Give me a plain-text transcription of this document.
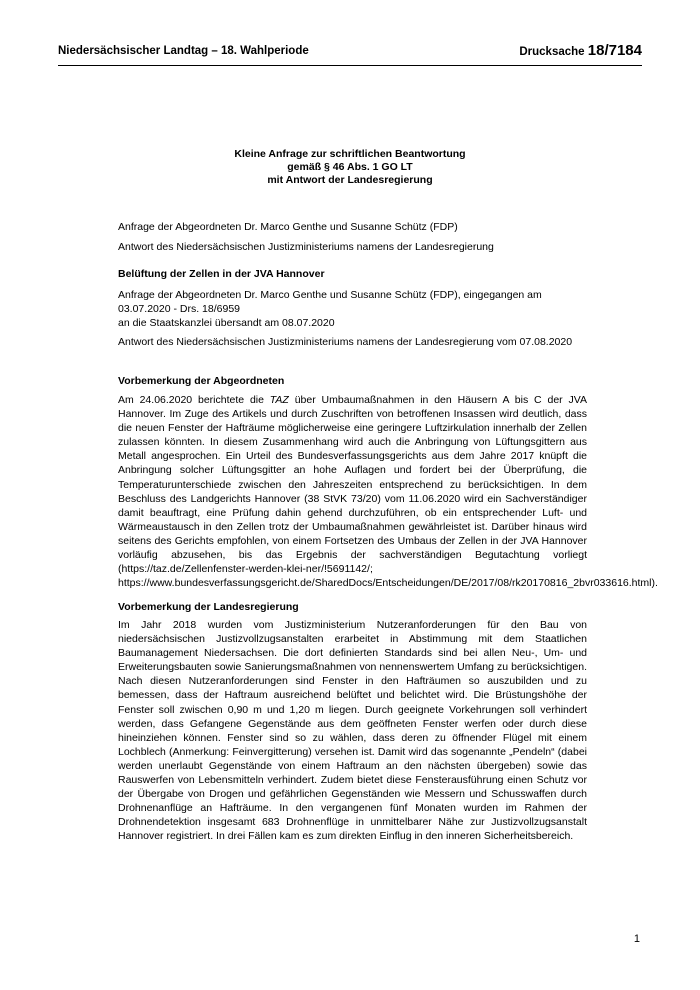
Niedersächsischer Landtag – 18. Wahlperiode	Drucksache 18/7184
Kleine Anfrage zur schriftlichen Beantwortung
gemäß § 46 Abs. 1 GO LT
mit Antwort der Landesregierung

Anfrage der Abgeordneten Dr. Marco Genthe und Susanne Schütz (FDP)

Antwort des Niedersächsischen Justizministeriums namens der Landesregierung

Belüftung der Zellen in der JVA Hannover

Anfrage der Abgeordneten Dr. Marco Genthe und Susanne Schütz (FDP), eingegangen am

03.07.2020 - Drs. 18/6959

an die Staatskanzlei übersandt am 08.07.2020

Antwort des Niedersächsischen Justizministeriums namens der Landesregierung vom 07.08.2020

Vorbemerkung der Abgeordneten

Am 24.06.2020 berichtete die TAZ über Umbaumaßnahmen in den Häusern A bis C der JVA Hannover. Im Zuge des Artikels und durch Zuschriften von betroffenen Insassen wird deutlich, dass die neuen Fenster der Hafträume möglicherweise eine geringere Luftzirkulation innerhalb der Zellen zulassen könnten. In diesem Zusammenhang wird auch die Anbringung von Lüftungsgittern aus Metall angesprochen. Ein Urteil des Bundesverfassungsgerichts aus dem Jahre 2017 knüpft die Anbringung solcher Lüftungsgitter an hohe Auflagen und fordert bei der Überprüfung, die Temperaturunterschiede zwischen den Jahreszeiten entsprechend zu berücksichtigen. In dem Beschluss des Landgerichts Hannover (38 StVK 73/20) vom 11.06.2020 wird ein Sachverständiger damit beauftragt, eine Prüfung dahin gehend durchzuführen, ob ein entsprechender Luft- und Wärmeaustausch in den Zellen trotz der Umbaumaßnahmen gewährleistet ist. Darüber hinaus wird seitens des Gerichts empfohlen, von einem Fortsetzen des Umbaus der Zellen in der JVA Hannover vorläufig abzusehen, bis das Ergebnis der sachverständigen Begutachtung vorliegt (https://taz.de/Zellenfenster-werden-klei-ner/!5691142/; https://www.bundesverfassungsgericht.de/SharedDocs/Entscheidungen/DE/2017/08/rk20170816_2bvr033616.html).

Vorbemerkung der Landesregierung

Im Jahr 2018 wurden vom Justizministerium Nutzeranforderungen für den Bau von niedersächsischen Justizvollzugsanstalten erarbeitet in Abstimmung mit dem Staatlichen Baumanagement Niedersachsen. Die dort definierten Standards sind bei allen Neu-, Um- und Erweiterungsbauten sowie Sanierungsmaßnahmen von nennenswertem Umfang zu berücksichtigen. Nach diesen Nutzeranforderungen sind Fenster in den Hafträumen so auszubilden und zu bemessen, dass der Haftraum ausreichend belüftet und belichtet wird. Die Brüstungshöhe der Fenster soll zwischen 0,90 m und 1,20 m liegen. Durch geeignete Vorkehrungen soll verhindert werden, dass Gefangene Gegenstände aus dem geöffneten Fenster werfen oder durch diese hineinziehen können. Fenster sind so zu wählen, dass deren zu öffnender Flügel mit einem Lochblech (Anmerkung: Feinvergitterung) versehen ist. Damit wird das sogenannte „Pendeln“ (dabei werden unerlaubt Gegenstände von einem Haftraum an den nächsten übergeben) sowie das Rauswerfen von Lebensmitteln verhindert. Zudem bietet diese Fensterausführung einen Schutz vor der Übergabe von Drogen und gefährlichen Gegenständen wie Messern und Schusswaffen durch Drohnenanflüge an Hafträume. In den vergangenen fünf Monaten wurden im Rahmen der Drohnendetektion insgesamt 683 Drohnenflüge in unmittelbarer Nähe zur Justizvollzugsanstalt Hannover registriert. In drei Fällen kam es zum direkten Einflug in den inneren Sicherheitsbereich.

1
